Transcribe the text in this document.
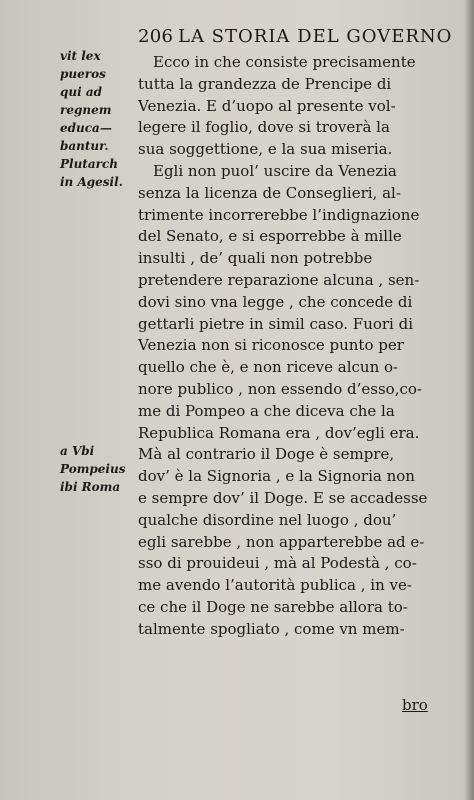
206 LA STORIA DEL GOVERNO
vit lex
pueros
qui ad
regnem
educa—
bantur.
Plutarch
in Agesil.
a Vbi
Pompeius
ibi Roma
Ecco in che consiste precisamente
tutta la grandezza de Prencipe di
Venezia. E d’uopo al presente vol-
legere il foglio, dove si troverà la
sua soggettione, e la sua miseria.
Egli non puol’ uscire da Venezia
senza la licenza de Conseglieri, al-
trimente incorrerebbe l’indignazione
del Senato, e si esporrebbe à mille
insulti , de’ quali non potrebbe
pretendere reparazione alcuna , sen-
dovi sino vna legge , che concede di
gettarli pietre in simil caso. Fuori di
Venezia non si riconosce punto per
quello che è, e non riceve alcun o-
nore publico , non essendo d’esso,co-
me di Pompeo a che diceva che la
Republica Romana era , dov’egli era.
Mà al contrario il Doge è sempre,
dov’ è la Signoria , e la Signoria non
e sempre dov’ il Doge. E se accadesse
qualche disordine nel luogo , dou’
egli sarebbe , non apparterebbe ad e-
sso di prouideui , mà al Podestà , co-
me avendo l’autorità publica , in ve-
ce che il Doge ne sarebbe allora to-
talmente spogliato , come vn mem-
bro
